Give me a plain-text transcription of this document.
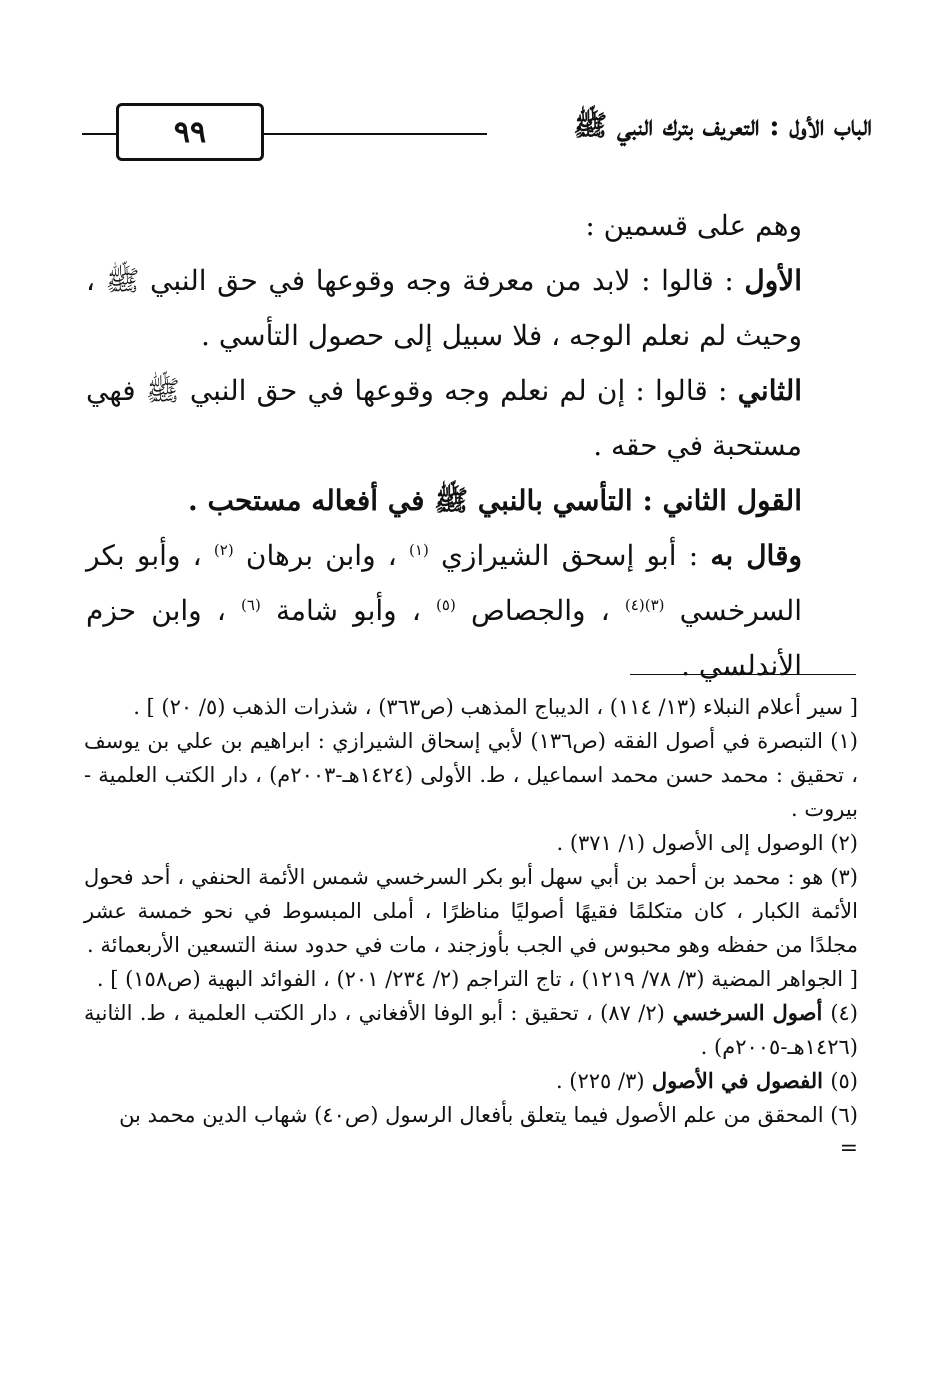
٩٩	الباب الأول : التعريف بترك النبي ﷺ

وهم على قسمين :

الأول : قالوا : لابد من معرفة وجه وقوعها في حق النبي ﷺ ، وحيث لم نعلم الوجه ، فلا سبيل إلى حصول التأسي .

الثاني : قالوا : إن لم نعلم وجه وقوعها في حق النبي ﷺ فهي مستحبة في حقه .

القول الثاني : التأسي بالنبي ﷺ في أفعاله مستحب .

وقال به : أبو إسحق الشيرازي $^{(١)}$ ، وابن برهان $^{(٢)}$ ، وأبو بكر السرخسي $^{(٣)(٤)}$ ، والجصاص $^{(٥)}$ ، وأبو شامة $^{(٦)}$ ، وابن حزم الأندلسي .

[ سير أعلام النبلاء (١٣/ ١١٤) ، الديباج المذهب (ص٣٦٣) ، شذرات الذهب (٥/ ٢٠) ] .

(١) التبصرة في أصول الفقه (ص١٣٦) لأبي إسحاق الشيرازي : ابراهيم بن علي بن يوسف ، تحقيق : محمد حسن محمد اسماعيل ، ط. الأولى (١٤٢٤هـ-٢٠٠٣م) ، دار الكتب العلمية - بيروت .

(٢) الوصول إلى الأصول (١/ ٣٧١) .

(٣) هو : محمد بن أحمد بن أبي سهل أبو بكر السرخسي شمس الأئمة الحنفي ، أحد فحول الأئمة الكبار ، كان متكلمًا فقيهًا أصوليًا مناظرًا ، أملى المبسوط في نحو خمسة عشر مجلدًا من حفظه وهو محبوس في الجب بأوزجند ، مات في حدود سنة التسعين الأربعمائة .

[ الجواهر المضية (٣/ ٧٨/ ١٢١٩) ، تاج التراجم (٢/ ٢٣٤/ ٢٠١) ، الفوائد البهية (ص١٥٨) ] .

(٤) أصول السرخسي (٢/ ٨٧) ، تحقيق : أبو الوفا الأفغاني ، دار الكتب العلمية ، ط. الثانية (١٤٢٦هـ-٢٠٠٥م) .

(٥) الفصول في الأصول (٣/ ٢٢٥) .

(٦) المحقق من علم الأصول فيما يتعلق بأفعال الرسول (ص٤٠) شهاب الدين محمد بن

=
